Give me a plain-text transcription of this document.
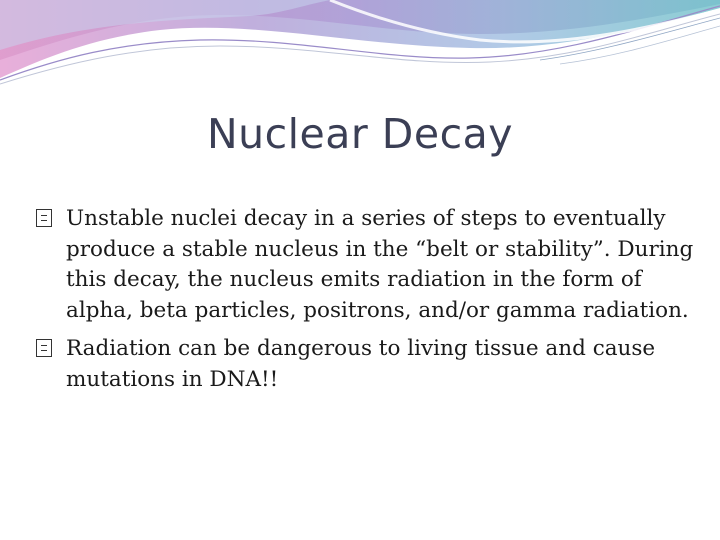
Nuclear Decay
Unstable nuclei decay in a series of steps to eventually produce a stable nucleus in the “belt or stability”. During this decay, the nucleus emits radiation in the form of alpha, beta particles, positrons, and/or gamma radiation.
Radiation can be dangerous to living tissue and cause mutations in DNA!!
